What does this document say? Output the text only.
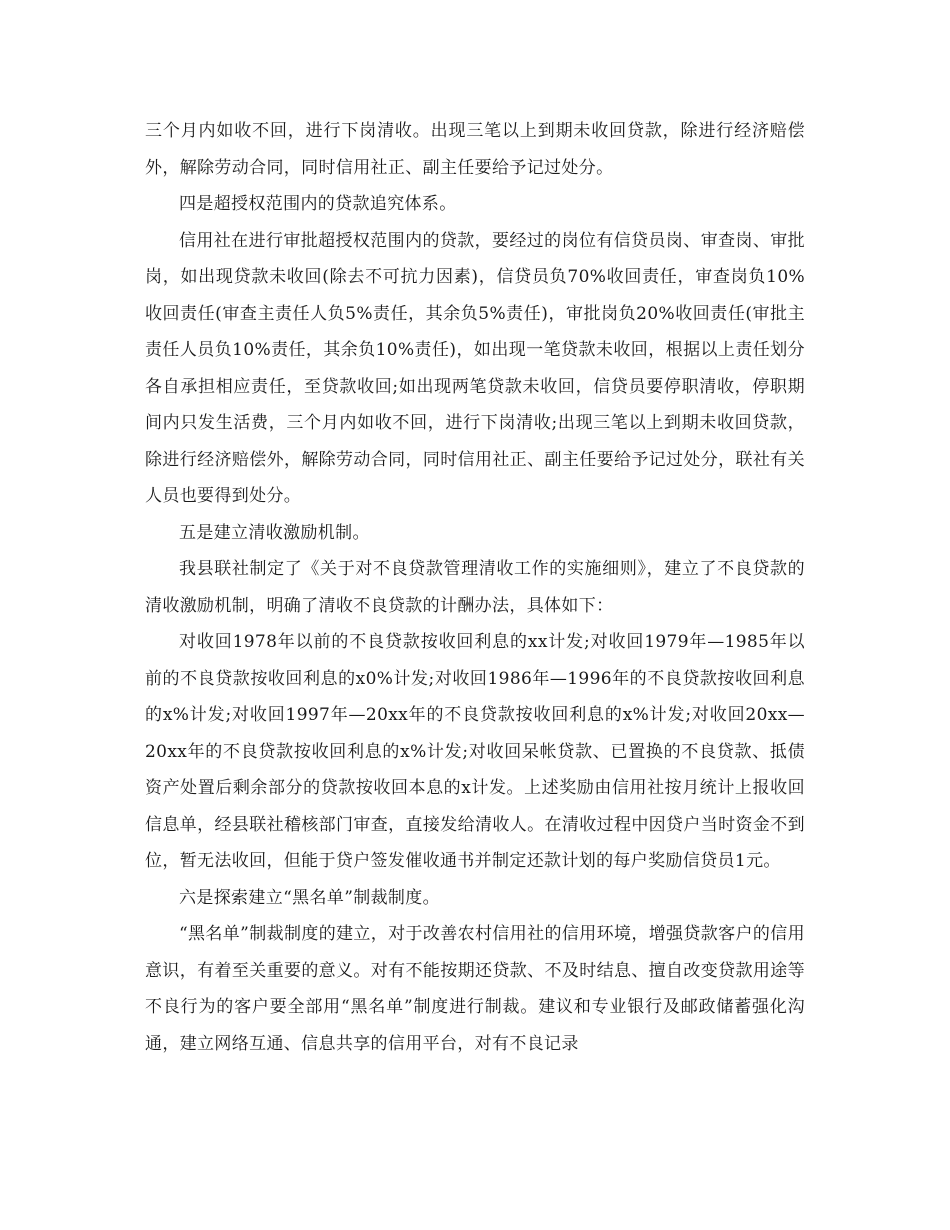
三个月内如收不回，进行下岗清收。出现三笔以上到期未收回贷款，除进行经济赔偿外，解除劳动合同，同时信用社正、副主任要给予记过处分。

四是超授权范围内的贷款追究体系。

信用社在进行审批超授权范围内的贷款，要经过的岗位有信贷员岗、审查岗、审批岗，如出现贷款未收回(除去不可抗力因素)，信贷员负70%收回责任，审查岗负10%收回责任(审查主责任人负5%责任，其余负5%责任)，审批岗负20%收回责任(审批主责任人员负10%责任，其余负10%责任)，如出现一笔贷款未收回，根据以上责任划分各自承担相应责任，至贷款收回;如出现两笔贷款未收回，信贷员要停职清收，停职期间内只发生活费，三个月内如收不回，进行下岗清收;出现三笔以上到期未收回贷款，除进行经济赔偿外，解除劳动合同，同时信用社正、副主任要给予记过处分，联社有关人员也要得到处分。

五是建立清收激励机制。

我县联社制定了《关于对不良贷款管理清收工作的实施细则》，建立了不良贷款的清收激励机制，明确了清收不良贷款的计酬办法，具体如下：

对收回1978年以前的不良贷款按收回利息的xx计发;对收回1979年—1985年以前的不良贷款按收回利息的x0%计发;对收回1986年—1996年的不良贷款按收回利息的x%计发;对收回1997年—20xx年的不良贷款按收回利息的x%计发;对收回20xx—20xx年的不良贷款按收回利息的x%计发;对收回呆帐贷款、已置换的不良贷款、抵债资产处置后剩余部分的贷款按收回本息的x计发。上述奖励由信用社按月统计上报收回信息单，经县联社稽核部门审查，直接发给清收人。在清收过程中因贷户当时资金不到位，暂无法收回，但能于贷户签发催收通书并制定还款计划的每户奖励信贷员1元。

六是探索建立“黑名单”制裁制度。

“黑名单”制裁制度的建立，对于改善农村信用社的信用环境，增强贷款客户的信用意识，有着至关重要的意义。对有不能按期还贷款、不及时结息、擅自改变贷款用途等不良行为的客户要全部用“黑名单”制度进行制裁。建议和专业银行及邮政储蓄强化沟通，建立网络互通、信息共享的信用平台，对有不良记录
